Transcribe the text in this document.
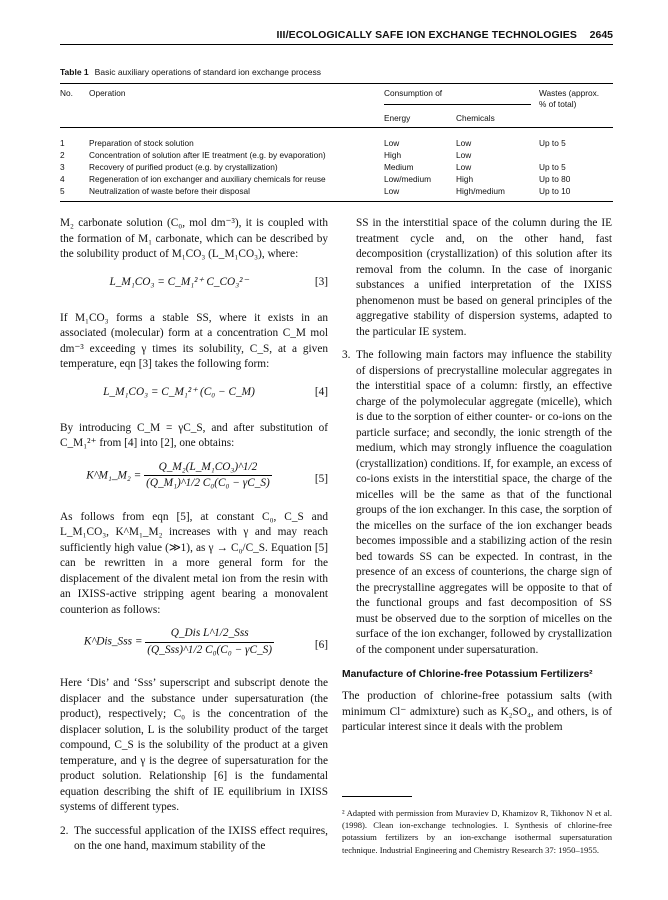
III/ECOLOGICALLY SAFE ION EXCHANGE TECHNOLOGIES 2645
Table 1 Basic auxiliary operations of standard ion exchange process
No. Operation	Consumption of	Wastes (approx.
% of total)
Energy	Chemicals
1	Preparation of stock solution	Low	Low	Up to 5
2	Concentration of solution after IE treatment (e.g. by evaporation)	High	Low
3	Recovery of purified product (e.g. by crystallization)	Medium	Low	Up to 5
4	Regeneration of ion exchanger and auxiliary chemicals for reuse	Low/medium	High	Up to 80
5	Neutralization of waste before their disposal	Low	High/medium	Up to 10

M₂ carbonate solution (C₀, mol dm⁻³), it is coupled with the formation of M₁ carbonate, which can be described by the solubility product of M₁CO₃ (L_M₁CO₃), where:

L_M₁CO₃ = C_M₁²⁺ C_CO₃²⁻	[3]

If M₁CO₃ forms a stable SS, where it exists in an associated (molecular) form at a concentration C_M mol dm⁻³ exceeding γ times its solubility, C_S, at a given temperature, eqn [3] takes the following form:

L_M₁CO₃ = C_M₁²⁺ (C₀ − C_M)	[4]

By introducing C_M = γC_S, and after substitution of C_M₁²⁺ from [4] into [2], one obtains:

K^M₁_M₂ = $\frac{\text{Q\_M₂(L\_M₁CO₃)\textasciicircum{}1/2}}{\text{(Q\_M₁)\textasciicircum{}1/2 C₀(C₀ − γC\_S)}}$	[5]

As follows from eqn [5], at constant C₀, C_S and L_M₁CO₃, K^M₁_M₂ increases with γ and may reach sufficiently high value (≫1), as γ → C₀/C_S. Equation [5] can be rewritten in a more general form for the displacement of the divalent metal ion from the resin with an IXISS-active stripping agent bearing a monovalent counterion as follows:

K^Dis_Sss = $\frac{\text{Q\_Dis L\textasciicircum{}1/2\_Sss}}{\text{(Q\_Sss)\textasciicircum{}1/2 C₀(C₀ − γC\_S)}}$	[6]

Here ‘Dis’ and ‘Sss’ superscript and subscript denote the displacer and the substance under supersaturation (the product), respectively; C₀ is the concentration of the displacer solution, L is the solubility product of the target compound, C_S is the solubility of the product at a given temperature, and γ is the degree of supersaturation for the product solution. Relationship [6] is the fundamental equation describing the shift of IE equilibrium in IXISS systems of different types.

2. The successful application of the IXISS effect requires, on the one hand, maximum stability of the

SS in the interstitial space of the column during the IE treatment cycle and, on the other hand, fast decomposition (crystallization) of this solution after its removal from the column. In the case of inorganic substances a unified interpretation of the IXISS phenomenon must be based on general principles of the aggregative stability of dispersion systems, adapted to the particular IE system.

3. The following main factors may influence the stability of dispersions of precrystalline molecular aggregates in the interstitial space of a column: firstly, an effective charge of the polymolecular aggregate (micelle), which is due to the sorption of either counter- or co-ions on the particle surface; and secondly, the ionic strength of the medium, which may strongly influence the coagulation (crystallization) conditions. If, for example, an excess of co-ions exists in the interstitial space, the charge of the micelles will be the same as that of the functional groups of the ion exchanger. In this case, the sorption of the micelles on the surface of the ion exchanger beads becomes impossible and a stabilizing action of the resin bed towards SS can be expected. In contrast, in the presence of an excess of counterions, the charge sign of the precrystalline aggregates will be opposite to that of the functional groups and fast decomposition of SS must be observed due to the sorption of micelles on the surface of the ion exchanger, followed by crystallization of the component under supersaturation.
Manufacture of Chlorine-free Potassium Fertilizers²

The production of chlorine-free potassium salts (with minimum Cl⁻ admixture) such as K₂SO₄, and others, is of particular interest since it deals with the problem

² Adapted with permission from Muraviev D, Khamizov R, Tikhonov N et al. (1998). Clean ion-exchange technologies. I. Synthesis of chlorine-free potassium fertilizers by an ion-exchange isothermal supersaturation technique. Industrial Engineering and Chemistry Research 37: 1950–1955.
